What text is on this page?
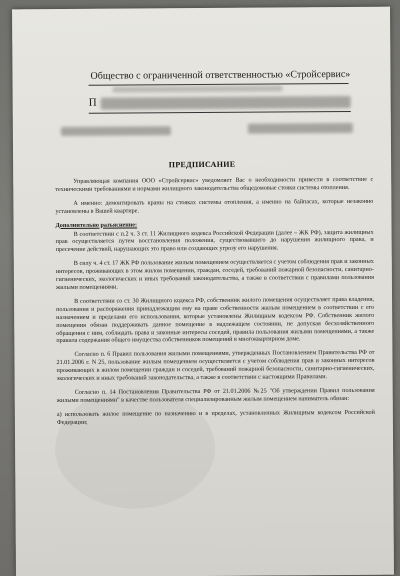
Общество с ограниченной ответственностью «Стройсервис»
П
ПРЕДПИСАНИЕ

Управляющая компания ООО «Стройсервис» уведомляет Вас о необходимости привести в соответствие с техническими требованиями и нормами жилищного законодательства общедомовые стояки системы отопления.

А именно: демонтировать краны на стояках системы отопления, а именно на байпасах, которые незаконно установлены в Вашей квартире.

Дополнительно разъяснение:

В соответствии с п.2 ч. 3 ст. 11 Жилищного кодекса Российской Федерации (далее – ЖК РФ), защита жилищных прав осуществляется путем восстановления положения, существовавшего до нарушения жилищного права, и пресечение действий, нарушающих это право или создающих угрозу его нарушения.

В силу ч. 4 ст. 17 ЖК РФ пользование жилым помещением осуществляется с учетом соблюдения прав и законных интересов, проживающих в этом жилом помещении, граждан, соседей, требований пожарной безопасности, санитарно-гигиенических, экологических и иных требований законодательства, а также в соответствии с правилами пользования жилыми помещениями.

В соответствии со ст. 30 Жилищного кодекса РФ, собственник жилого помещения осуществляет права владения, пользования и распоряжения принадлежащим ему на праве собственности жилым помещением в соответствии с его назначением и пределами его использования, которые установлены Жилищным кодексом РФ. Собственник жилого помещения обязан поддерживать данное помещение в надлежащем состоянии, не допуская бесхозяйственного обращения с ним, соблюдать права и законные интересы соседей, правила пользования жилыми помещениями, а также правила содержания общего имущества собственников помещений в многоквартирном доме.

Согласно п. 6 Правил пользования жилыми помещениями, утвержденных Постановлением Правительства РФ от 21.01.2006 г. N 25, пользование жилым помещением осуществляется с учетом соблюдения прав и законных интересов проживающих в жилом помещении граждан и соседей, требований пожарной безопасности, санитарно-гигиенических, экологических и иных требований законодательства, а также в соответствии с настоящими Правилами.

Согласно п. 14 Постановления Правительства РФ от 21.01.2006 №25 "Об утверждении Правил пользования жилыми помещениями" в качестве пользователя специализированным жилым помещением наниматель обязан:

а) использовать жилое помещение по назначению и в пределах, установленных Жилищным кодексом Российской Федерации;
